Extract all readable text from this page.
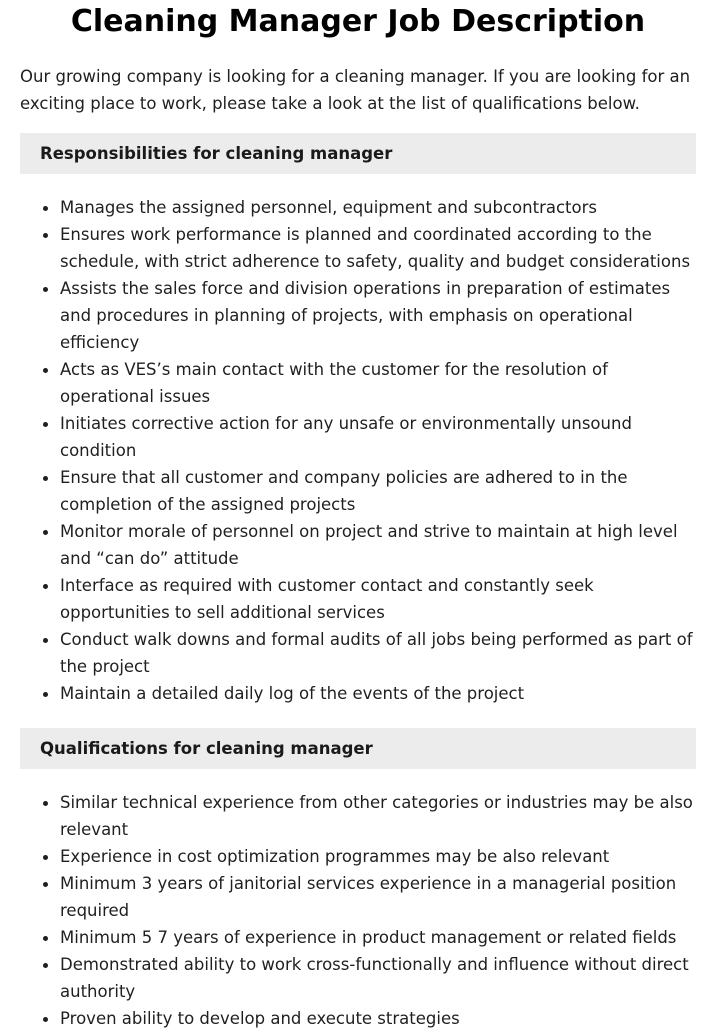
Cleaning Manager Job Description

Our growing company is looking for a cleaning manager. If you are looking for an exciting place to work, please take a look at the list of qualifications below.

Responsibilities for cleaning manager
Manages the assigned personnel, equipment and subcontractors
Ensures work performance is planned and coordinated according to the schedule, with strict adherence to safety, quality and budget considerations
Assists the sales force and division operations in preparation of estimates and procedures in planning of projects, with emphasis on operational efficiency
Acts as VES’s main contact with the customer for the resolution of operational issues
Initiates corrective action for any unsafe or environmentally unsound condition
Ensure that all customer and company policies are adhered to in the completion of the assigned projects
Monitor morale of personnel on project and strive to maintain at high level and “can do” attitude
Interface as required with customer contact and constantly seek opportunities to sell additional services
Conduct walk downs and formal audits of all jobs being performed as part of the project
Maintain a detailed daily log of the events of the project
Qualifications for cleaning manager
Similar technical experience from other categories or industries may be also relevant
Experience in cost optimization programmes may be also relevant
Minimum 3 years of janitorial services experience in a managerial position required
Minimum 5 7 years of experience in product management or related fields
Demonstrated ability to work cross-functionally and influence without direct authority
Proven ability to develop and execute strategies
